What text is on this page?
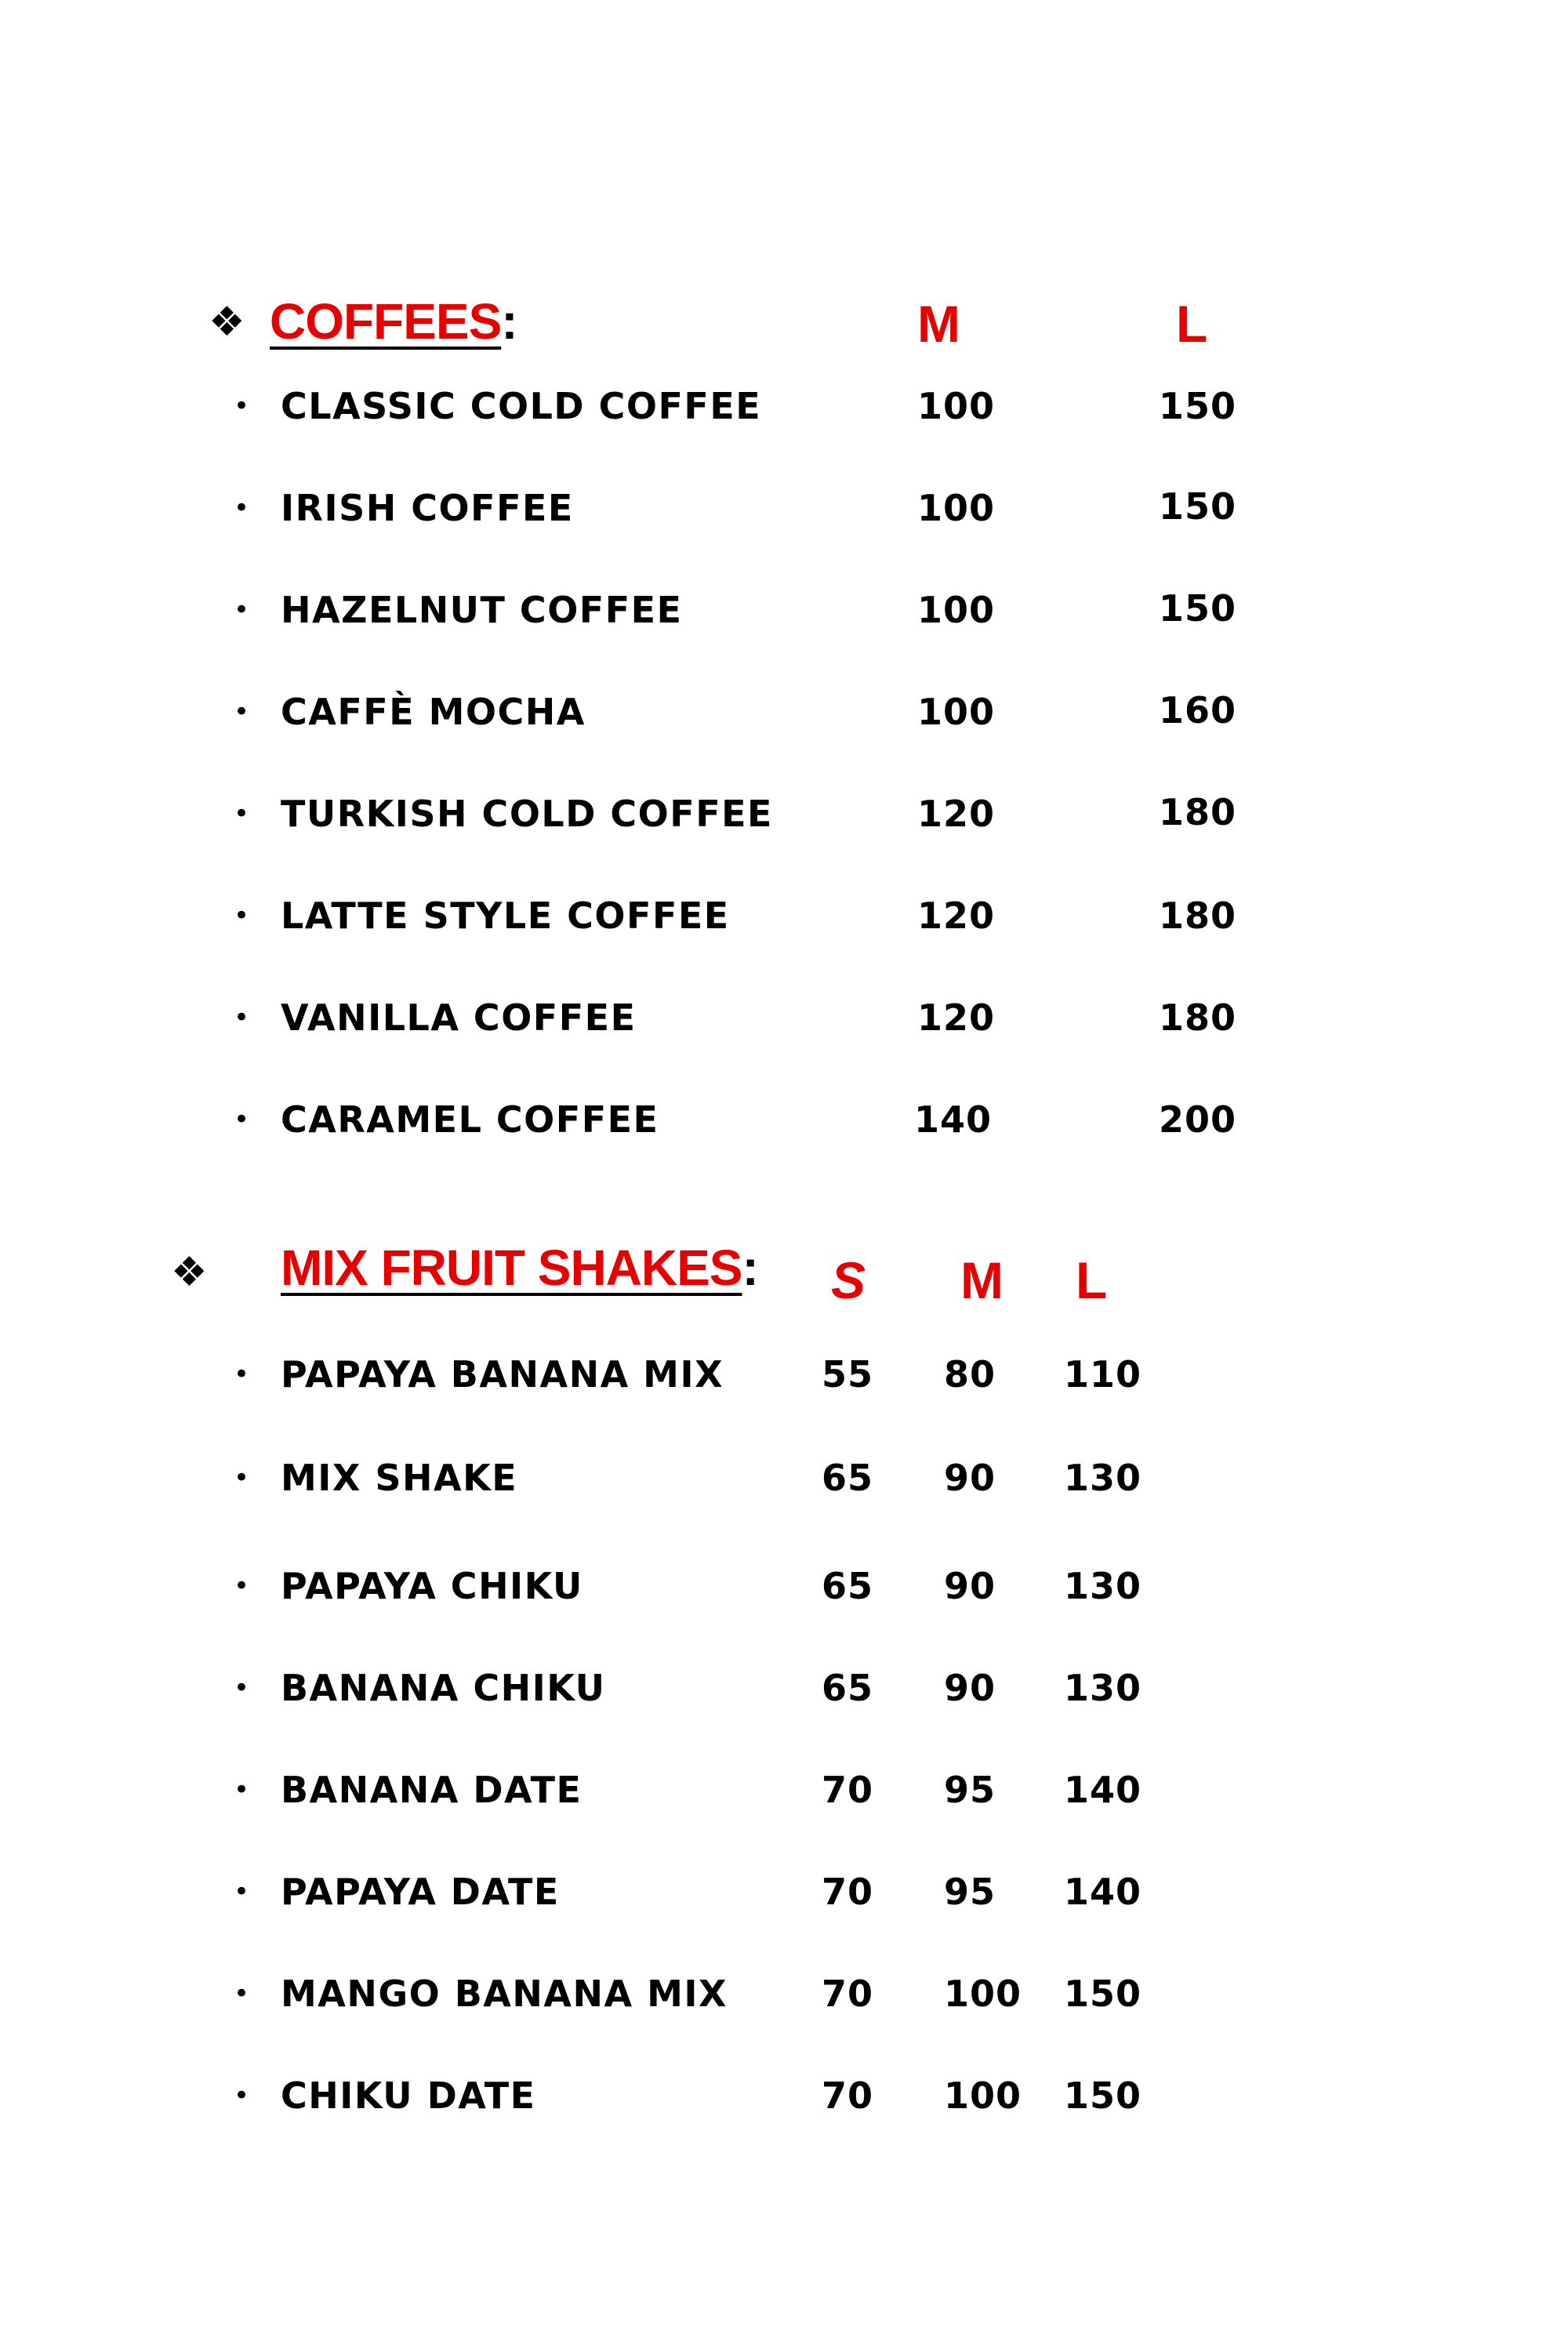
❖ COFFEES:	M	L
• CLASSIC COLD COFFEE	100	150
• IRISH COFFEE	100	150
• HAZELNUT COFFEE	100	150
• CAFFÈ MOCHA	100	160
• TURKISH COLD COFFEE	120	180
• LATTE STYLE COFFEE	120	180
• VANILLA COFFEE	120	180
• CARAMEL COFFEE	140	200
❖ MIX FRUIT SHAKES: S M L
• PAPAYA BANANA MIX	55 80 110
• MIX SHAKE	65 90 130
• PAPAYA CHIKU	65 90 130
• BANANA CHIKU	65 90 130
• BANANA DATE	70 95 140
• PAPAYA DATE	70 95 140
• MANGO BANANA MIX	70 100 150
• CHIKU DATE	70 100 150
